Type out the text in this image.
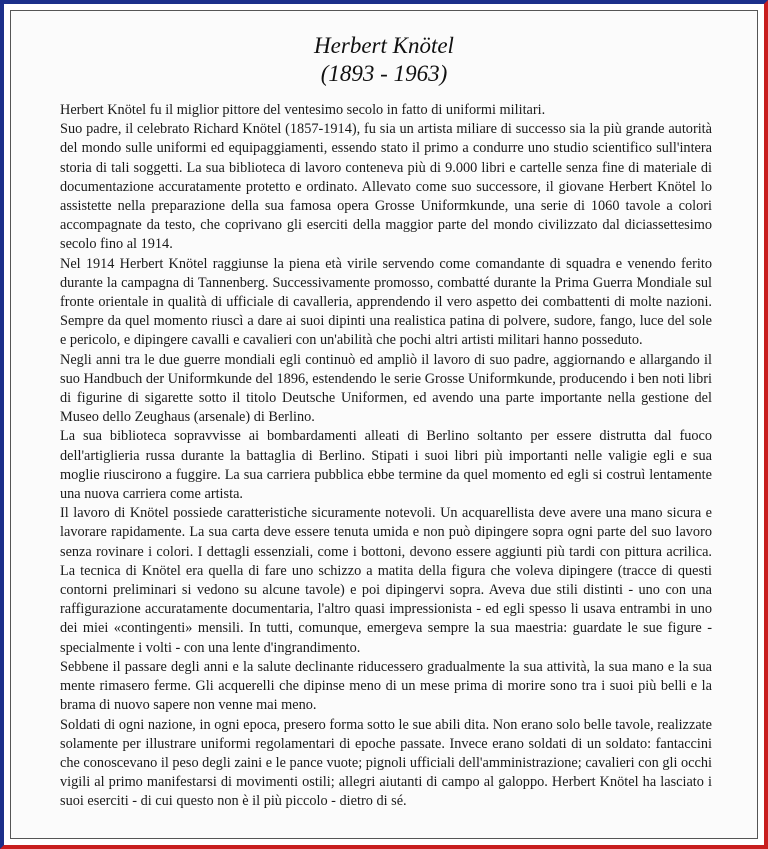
Herbert Knötel
(1893 - 1963)

Herbert Knötel fu il miglior pittore del ventesimo secolo in fatto di uniformi militari.

Suo padre, il celebrato Richard Knötel (1857-1914), fu sia un artista miliare di successo sia la più grande autorità del mondo sulle uniformi ed equipaggiamenti, essendo stato il primo a condurre uno studio scientifico sull'intera storia di tali soggetti. La sua biblioteca di lavoro conteneva più di 9.000 libri e cartelle senza fine di materiale di documentazione accuratamente protetto e ordinato. Allevato come suo successore, il giovane Herbert Knötel lo assistette nella preparazione della sua famosa opera Grosse Uniformkunde, una serie di 1060 tavole a colori accompagnate da testo, che coprivano gli eserciti della maggior parte del mondo civilizzato dal diciassettesimo secolo fino al 1914.

Nel 1914 Herbert Knötel raggiunse la piena età virile servendo come comandante di squadra e venendo ferito durante la campagna di Tannenberg. Successivamente promosso, combatté durante la Prima Guerra Mondiale sul fronte orientale in qualità di ufficiale di cavalleria, apprendendo il vero aspetto dei combattenti di molte nazioni. Sempre da quel momento riuscì a dare ai suoi dipinti una realistica patina di polvere, sudore, fango, luce del sole e pericolo, e dipingere cavalli e cavalieri con un'abilità che pochi altri artisti militari hanno posseduto.

Negli anni tra le due guerre mondiali egli continuò ed ampliò il lavoro di suo padre, aggiornando e allargando il suo Handbuch der Uniformkunde del 1896, estendendo le serie Grosse Uniformkunde, producendo i ben noti libri di figurine di sigarette sotto il titolo Deutsche Uniformen, ed avendo una parte importante nella gestione del Museo dello Zeughaus (arsenale) di Berlino.

La sua biblioteca sopravvisse ai bombardamenti alleati di Berlino soltanto per essere distrutta dal fuoco dell'artiglieria russa durante la battaglia di Berlino. Stipati i suoi libri più importanti nelle valigie egli e sua moglie riuscirono a fuggire. La sua carriera pubblica ebbe termine da quel momento ed egli si costruì lentamente una nuova carriera come artista.

Il lavoro di Knötel possiede caratteristiche sicuramente notevoli. Un acquarellista deve avere una mano sicura e lavorare rapidamente. La sua carta deve essere tenuta umida e non può dipingere sopra ogni parte del suo lavoro senza rovinare i colori. I dettagli essenziali, come i bottoni, devono essere aggiunti più tardi con pittura acrilica. La tecnica di Knötel era quella di fare uno schizzo a matita della figura che voleva dipingere (tracce di questi contorni preliminari si vedono su alcune tavole) e poi dipingervi sopra. Aveva due stili distinti - uno con una raffigurazione accuratamente documentaria, l'altro quasi impressionista - ed egli spesso li usava entrambi in uno dei miei «contingenti» mensili. In tutti, comunque, emergeva sempre la sua maestria: guardate le sue figure - specialmente i volti - con una lente d'ingrandimento.

Sebbene il passare degli anni e la salute declinante riducessero gradualmente la sua attività, la sua mano e la sua mente rimasero ferme. Gli acquerelli che dipinse meno di un mese prima di morire sono tra i suoi più belli e la brama di nuovo sapere non venne mai meno.

Soldati di ogni nazione, in ogni epoca, presero forma sotto le sue abili dita. Non erano solo belle tavole, realizzate solamente per illustrare uniformi regolamentari di epoche passate. Invece erano soldati di un soldato: fantaccini che conoscevano il peso degli zaini e le pance vuote; pignoli ufficiali dell'amministrazione; cavalieri con gli occhi vigili al primo manifestarsi di movimenti ostili; allegri aiutanti di campo al galoppo. Herbert Knötel ha lasciato i suoi eserciti - di cui questo non è il più piccolo - dietro di sé.
